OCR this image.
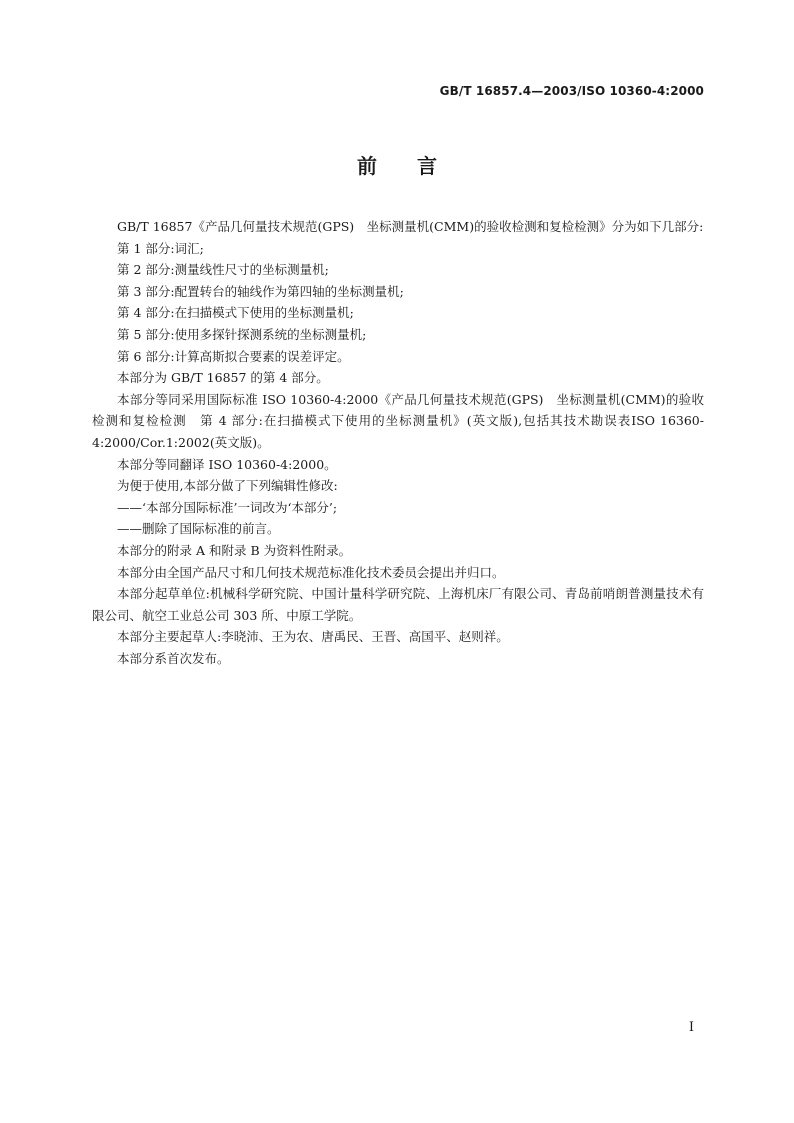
GB/T 16857.4—2003/ISO 10360-4:2000
前言

GB/T 16857《产品几何量技术规范(GPS)　坐标测量机(CMM)的验收检测和复检检测》分为如下几部分:

第 1 部分:词汇;

第 2 部分:测量线性尺寸的坐标测量机;

第 3 部分:配置转台的轴线作为第四轴的坐标测量机;

第 4 部分:在扫描模式下使用的坐标测量机;

第 5 部分:使用多探针探测系统的坐标测量机;

第 6 部分:计算高斯拟合要素的误差评定。

本部分为 GB/T 16857 的第 4 部分。

本部分等同采用国际标准 ISO 10360-4:2000《产品几何量技术规范(GPS)　坐标测量机(CMM)的验收检测和复检检测　第 4 部分:在扫描模式下使用的坐标测量机》(英文版),包括其技术勘误表ISO 16360-4:2000/Cor.1:2002(英文版)。

本部分等同翻译 ISO 10360-4:2000。

为便于使用,本部分做了下列编辑性修改:

——‘本部分国际标准’一词改为‘本部分’;

——删除了国际标准的前言。

本部分的附录 A 和附录 B 为资料性附录。

本部分由全国产品尺寸和几何技术规范标准化技术委员会提出并归口。

本部分起草单位:机械科学研究院、中国计量科学研究院、上海机床厂有限公司、青岛前哨朗普测量技术有限公司、航空工业总公司 303 所、中原工学院。

本部分主要起草人:李晓沛、王为农、唐禹民、王晋、高国平、赵则祥。

本部分系首次发布。

I
